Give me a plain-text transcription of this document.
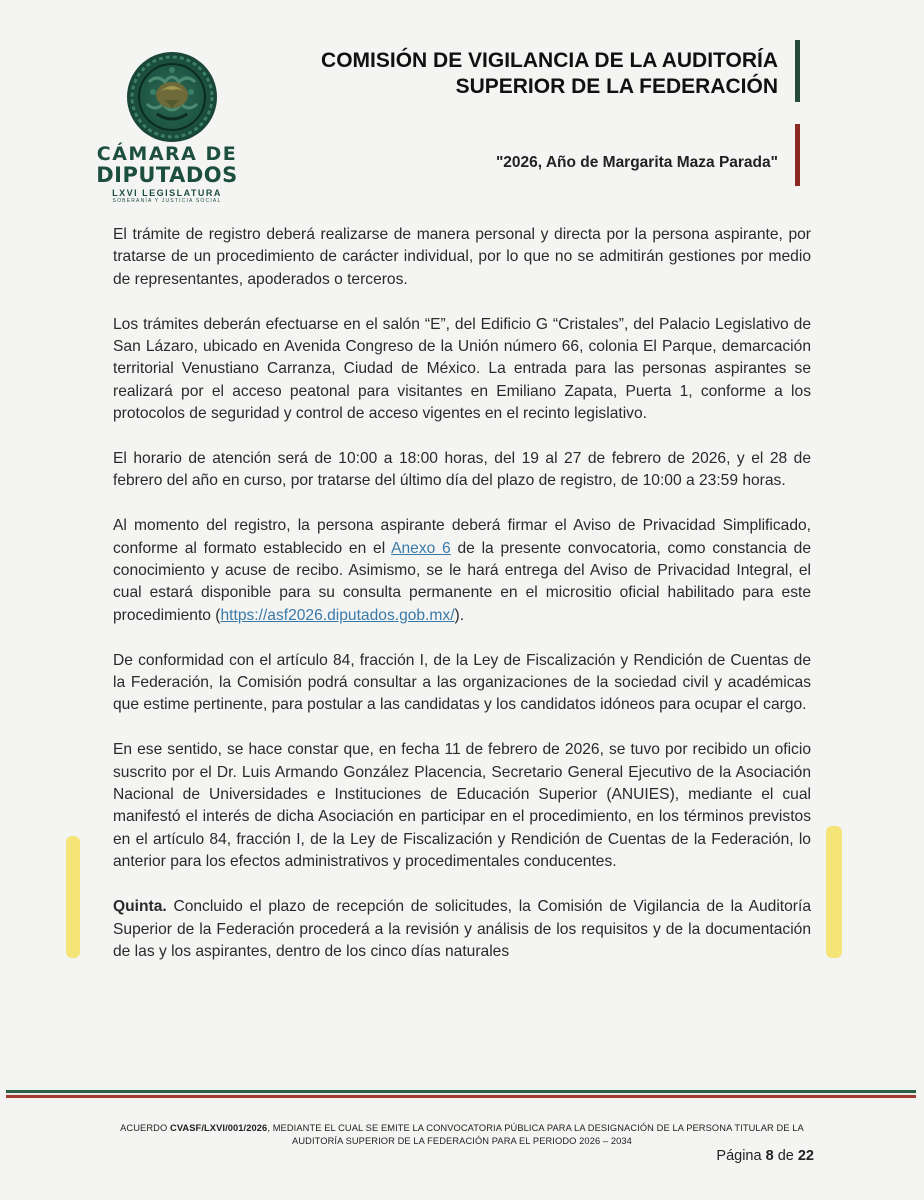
CÁMARA DE
DIPUTADOS
LXVI LEGISLATURA
SOBERANÍA Y JUSTICIA SOCIAL
COMISIÓN DE VIGILANCIA DE LA AUDITORÍA
SUPERIOR DE LA FEDERACIÓN
"2026, Año de Margarita Maza Parada"

El trámite de registro deberá realizarse de manera personal y directa por la persona aspirante, por tratarse de un procedimiento de carácter individual, por lo que no se admitirán gestiones por medio de representantes, apoderados o terceros.

Los trámites deberán efectuarse en el salón “E”, del Edificio G “Cristales”, del Palacio Legislativo de San Lázaro, ubicado en Avenida Congreso de la Unión número 66, colonia El Parque, demarcación territorial Venustiano Carranza, Ciudad de México. La entrada para las personas aspirantes se realizará por el acceso peatonal para visitantes en Emiliano Zapata, Puerta 1, conforme a los protocolos de seguridad y control de acceso vigentes en el recinto legislativo.

El horario de atención será de 10:00 a 18:00 horas, del 19 al 27 de febrero de 2026, y el 28 de febrero del año en curso, por tratarse del último día del plazo de registro, de 10:00 a 23:59 horas.

Al momento del registro, la persona aspirante deberá firmar el Aviso de Privacidad Simplificado, conforme al formato establecido en el Anexo 6 de la presente convocatoria, como constancia de conocimiento y acuse de recibo. Asimismo, se le hará entrega del Aviso de Privacidad Integral, el cual estará disponible para su consulta permanente en el micrositio oficial habilitado para este procedimiento (https://asf2026.diputados.gob.mx/).

De conformidad con el artículo 84, fracción I, de la Ley de Fiscalización y Rendición de Cuentas de la Federación, la Comisión podrá consultar a las organizaciones de la sociedad civil y académicas que estime pertinente, para postular a las candidatas y los candidatos idóneos para ocupar el cargo.

En ese sentido, se hace constar que, en fecha 11 de febrero de 2026, se tuvo por recibido un oficio suscrito por el Dr. Luis Armando González Placencia, Secretario General Ejecutivo de la Asociación Nacional de Universidades e Instituciones de Educación Superior (ANUIES), mediante el cual manifestó el interés de dicha Asociación en participar en el procedimiento, en los términos previstos en el artículo 84, fracción I, de la Ley de Fiscalización y Rendición de Cuentas de la Federación, lo anterior para los efectos administrativos y procedimentales conducentes.

Quinta. Concluido el plazo de recepción de solicitudes, la Comisión de Vigilancia de la Auditoría Superior de la Federación procederá a la revisión y análisis de los requisitos y de la documentación de las y los aspirantes, dentro de los cinco días naturales

ACUERDO CVASF/LXVI/001/2026, MEDIANTE EL CUAL SE EMITE LA CONVOCATORIA PÚBLICA PARA LA DESIGNACIÓN DE LA PERSONA TITULAR DE LA
AUDITORÍA SUPERIOR DE LA FEDERACIÓN PARA EL PERIODO 2026 – 2034
Página 8 de 22
